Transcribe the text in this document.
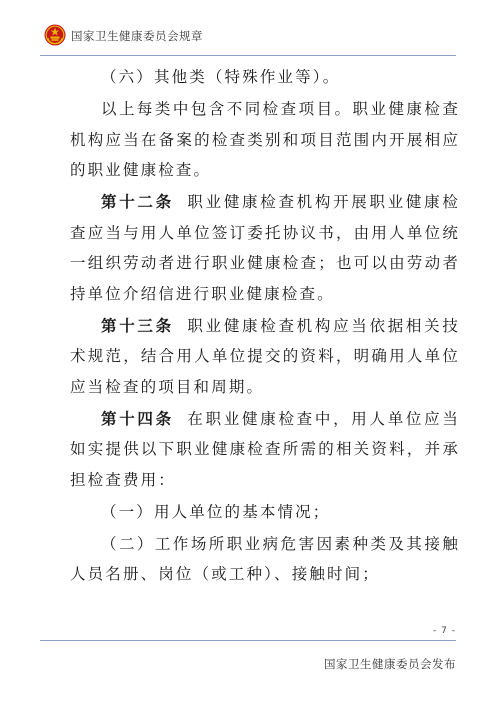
国家卫生健康委员会规章

（六）其他类（特殊作业等）。

以上每类中包含不同检查项目。职业健康检查机构应当在备案的检查类别和项目范围内开展相应的职业健康检查。

第十二条 职业健康检查机构开展职业健康检查应当与用人单位签订委托协议书，由用人单位统一组织劳动者进行职业健康检查；也可以由劳动者持单位介绍信进行职业健康检查。

第十三条 职业健康检查机构应当依据相关技术规范，结合用人单位提交的资料，明确用人单位应当检查的项目和周期。

第十四条 在职业健康检查中，用人单位应当如实提供以下职业健康检查所需的相关资料，并承担检查费用：

（一）用人单位的基本情况；

（二）工作场所职业病危害因素种类及其接触人员名册、岗位（或工种）、接触时间；

- 7 -
国家卫生健康委员会发布
